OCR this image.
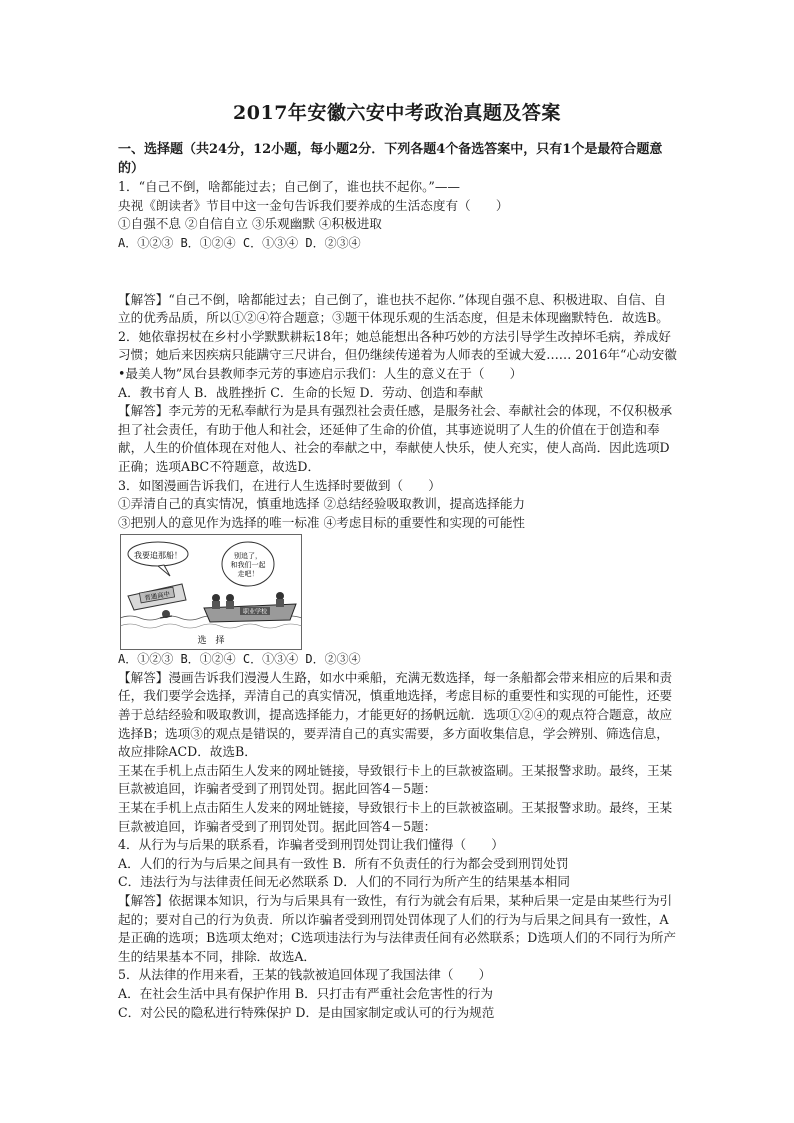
2017年安徽六安中考政治真题及答案

一、选择题（共24分，12小题，每小题2分．下列各题4个备选答案中，只有1个是最符合题意的）

1．“自己不倒，啥都能过去；自己倒了，谁也扶不起你。”——

央视《朗读者》节目中这一金句告诉我们要养成的生活态度有（　　）

①自强不息 ②自信自立 ③乐观幽默 ④积极进取

A．①②③ B．①②④ C．①③④ D．②③④

【解答】“自己不倒，啥都能过去；自己倒了，谁也扶不起你．”体现自强不息、积极进取、自信、自立的优秀品质，所以①②④符合题意；③题干体现乐观的生活态度，但是未体现幽默特色．故选B。

2．她依靠拐杖在乡村小学默默耕耘18年；她总能想出各种巧妙的方法引导学生改掉坏毛病，养成好习惯；她后来因疾病只能蹒守三尺讲台，但仍继续传递着为人师表的至诚大爱…… 2016年“心动安徽•最美人物”凤台县教师李元芳的事迹启示我们：人生的意义在于（　　）

A．教书育人 B．战胜挫折 C．生命的长短 D．劳动、创造和奉献

【解答】李元芳的无私奉献行为是具有强烈社会责任感，是服务社会、奉献社会的体现，不仅积极承担了社会责任，有助于他人和社会，还延伸了生命的价值，其事迹说明了人生的价值在于创造和奉献，人生的价值体现在对他人、社会的奉献之中，奉献使人快乐，使人充实，使人高尚．因此选项D正确；选项ABC不符题意，故选D．

3．如图漫画告诉我们，在进行人生选择时要做到（　　）

①弄清自己的真实情况，慎重地选择 ②总结经验吸取教训，提高选择能力

③把别人的意见作为选择的唯一标准 ④考虑目标的重要性和实现的可能性

我要追那船！	别追了，
和我们一起
走吧！
普通高中
职业学校
选　择

A．①②③ B．①②④ C．①③④ D．②③④

【解答】漫画告诉我们漫漫人生路，如水中乘船，充满无数选择，每一条船都会带来相应的后果和责任，我们要学会选择，弄清自己的真实情况，慎重地选择，考虑目标的重要性和实现的可能性，还要善于总结经验和吸取教训，提高选择能力，才能更好的扬帆远航．选项①②④的观点符合题意，故应选择B；选项③的观点是错误的，要弄清自己的真实需要，多方面收集信息，学会辨别、筛选信息，故应排除ACD．故选B．

王某在手机上点击陌生人发来的网址链接，导致银行卡上的巨款被盗刷。王某报警求助。最终，王某巨款被追回，诈骗者受到了刑罚处罚。据此回答4－5题：

王某在手机上点击陌生人发来的网址链接，导致银行卡上的巨款被盗刷。王某报警求助。最终，王某巨款被追回，诈骗者受到了刑罚处罚。据此回答4－5题：

4．从行为与后果的联系看，诈骗者受到刑罚处罚让我们懂得（　　）

A．人们的行为与后果之间具有一致性 B．所有不负责任的行为都会受到刑罚处罚

C．违法行为与法律责任间无必然联系 D．人们的不同行为所产生的结果基本相同

【解答】依据课本知识，行为与后果具有一致性，有行为就会有后果，某种后果一定是由某些行为引起的；要对自己的行为负责．所以诈骗者受到刑罚处罚体现了人们的行为与后果之间具有一致性，A是正确的选项；B选项太绝对；C选项违法行为与法律责任间有必然联系；D选项人们的不同行为所产生的结果基本不同，排除．故选A．

5．从法律的作用来看，王某的钱款被追回体现了我国法律（　　）

A．在社会生活中具有保护作用 B．只打击有严重社会危害性的行为

C．对公民的隐私进行特殊保护 D．是由国家制定或认可的行为规范
